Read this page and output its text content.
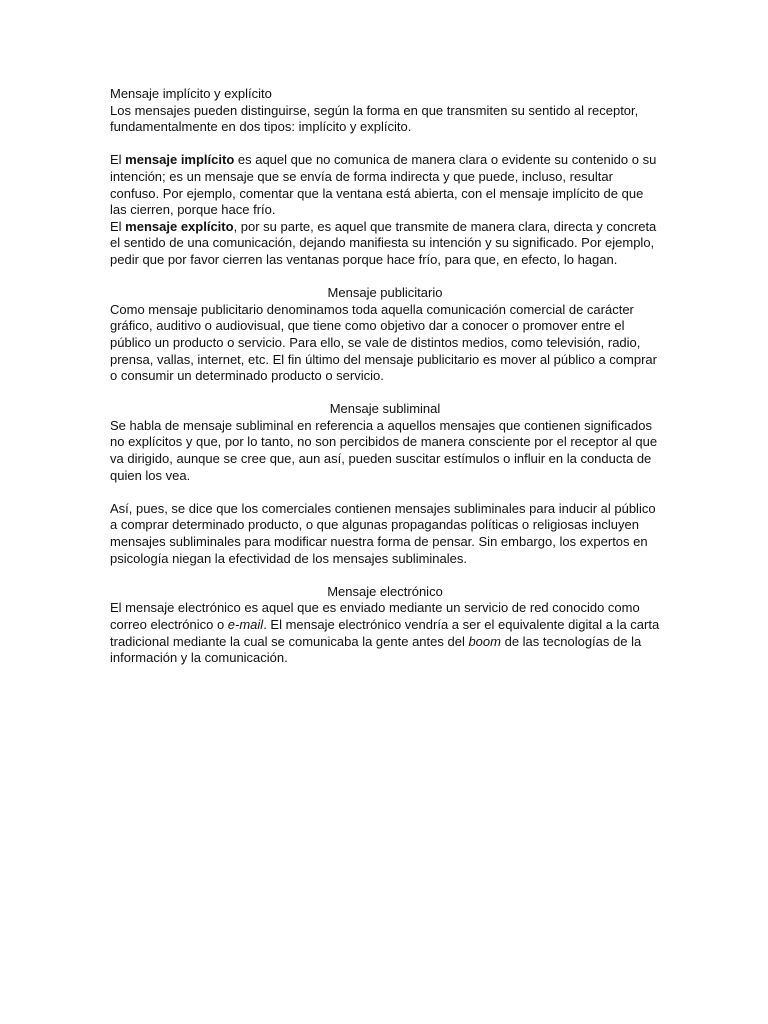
Mensaje implícito y explícito

Los mensajes pueden distinguirse, según la forma en que transmiten su sentido al receptor, fundamentalmente en dos tipos: implícito y explícito.

El mensaje implícito es aquel que no comunica de manera clara o evidente su contenido o su intención; es un mensaje que se envía de forma indirecta y que puede, incluso, resultar confuso. Por ejemplo, comentar que la ventana está abierta, con el mensaje implícito de que las cierren, porque hace frío.

El mensaje explícito, por su parte, es aquel que transmite de manera clara, directa y concreta el sentido de una comunicación, dejando manifiesta su intención y su significado. Por ejemplo, pedir que por favor cierren las ventanas porque hace frío, para que, en efecto, lo hagan.

Mensaje publicitario

Como mensaje publicitario denominamos toda aquella comunicación comercial de carácter gráfico, auditivo o audiovisual, que tiene como objetivo dar a conocer o promover entre el público un producto o servicio. Para ello, se vale de distintos medios, como televisión, radio, prensa, vallas, internet, etc. El fin último del mensaje publicitario es mover al público a comprar o consumir un determinado producto o servicio.

Mensaje subliminal

Se habla de mensaje subliminal en referencia a aquellos mensajes que contienen significados no explícitos y que, por lo tanto, no son percibidos de manera consciente por el receptor al que va dirigido, aunque se cree que, aun así, pueden suscitar estímulos o influir en la conducta de quien los vea.

Así, pues, se dice que los comerciales contienen mensajes subliminales para inducir al público a comprar determinado producto, o que algunas propagandas políticas o religiosas incluyen mensajes subliminales para modificar nuestra forma de pensar. Sin embargo, los expertos en psicología niegan la efectividad de los mensajes subliminales.

Mensaje electrónico

El mensaje electrónico es aquel que es enviado mediante un servicio de red conocido como correo electrónico o e-mail. El mensaje electrónico vendría a ser el equivalente digital a la carta tradicional mediante la cual se comunicaba la gente antes del boom de las tecnologías de la información y la comunicación.
